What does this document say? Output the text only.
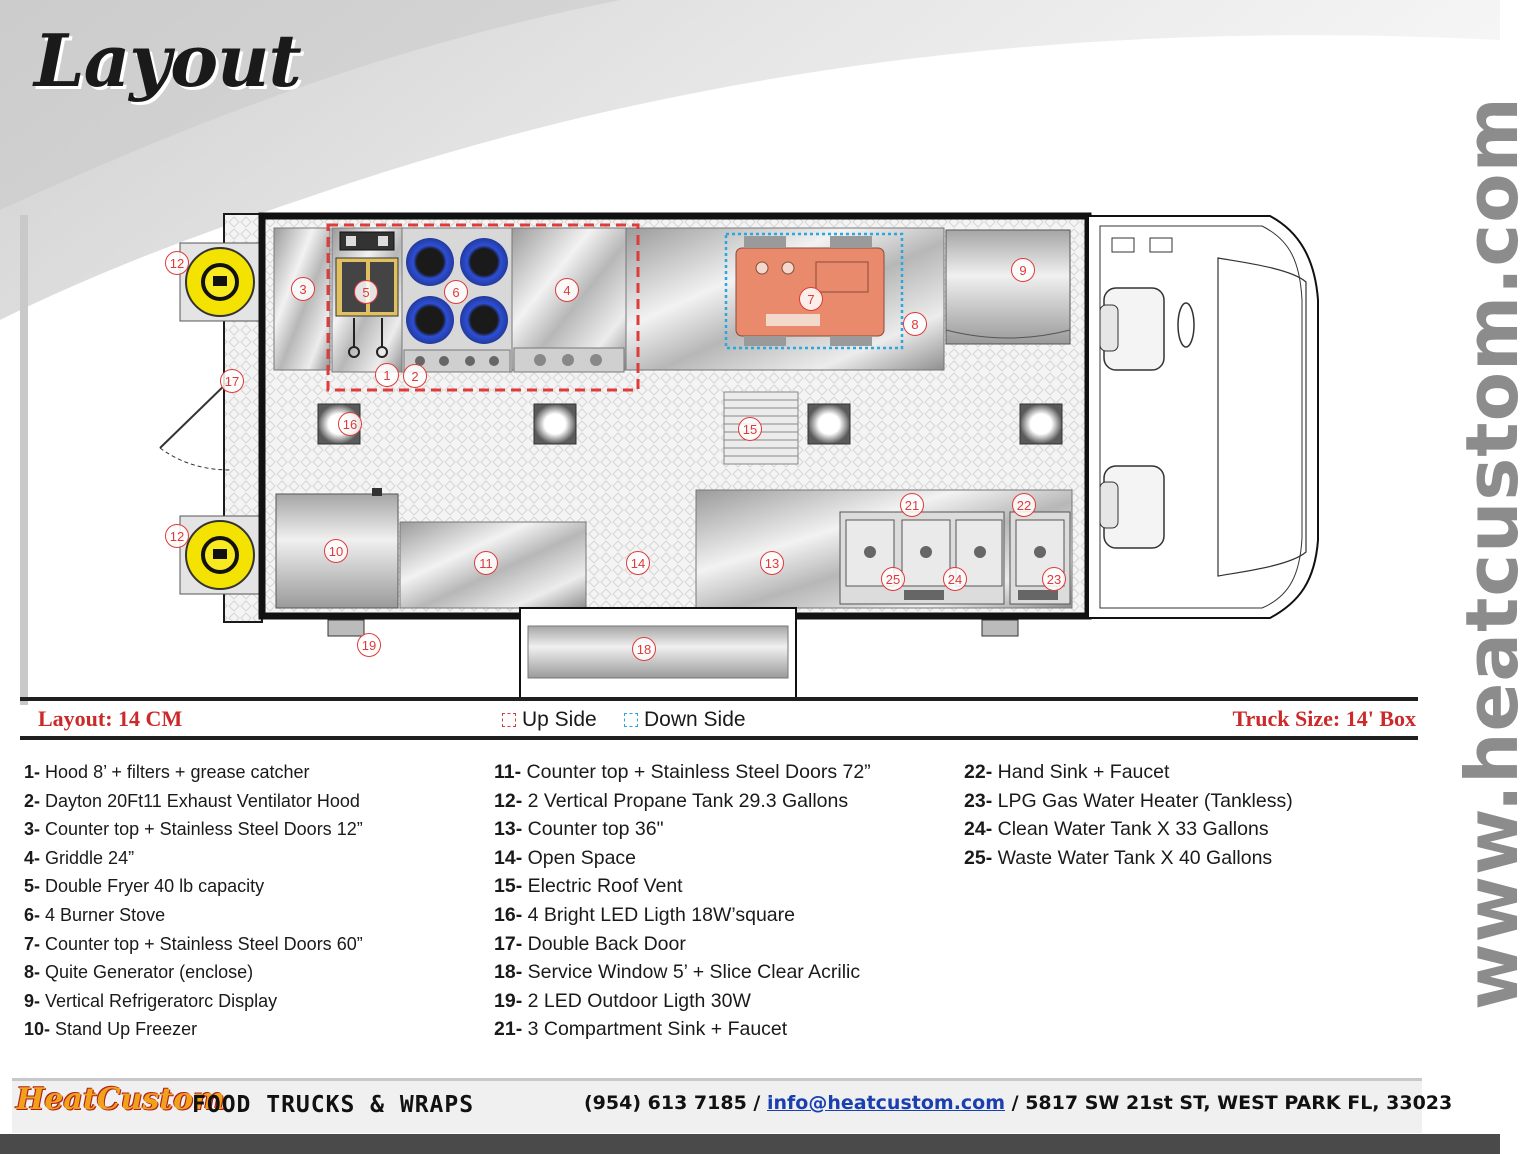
Layout
www.heatcustom.com
12
12
3	5	6	4
7
8
9
1	2
17
16	15
10
11	14	13
21	22
25	24	23
18
19
Layout: 14 CM	Up Side Down Side	Truck Size: 14' Box
1- Hood 8’ + filters + grease catcher
2- Dayton 20Ft11 Exhaust Ventilator Hood
3- Counter top + Stainless Steel Doors 12”
4- Griddle 24”
5- Double Fryer 40 lb capacity
6- 4 Burner Stove
7- Counter top + Stainless Steel Doors 60”
8- Quite Generator (enclose)
9- Vertical Refrigeratorc Display
10- Stand Up Freezer
11- Counter top + Stainless Steel Doors 72”
12- 2 Vertical Propane Tank 29.3 Gallons
13- Counter top 36"
14- Open Space
15- Electric Roof Vent
16- 4 Bright LED Ligth 18W’square
17- Double Back Door
18- Service Window 5’ + Slice Clear Acrilic
19- 2 LED Outdoor Ligth 30W
21- 3 Compartment Sink + Faucet
22- Hand Sink + Faucet
23- LPG Gas Water Heater (Tankless)
24- Clean Water Tank X 33 Gallons
25- Waste Water Tank X 40 Gallons
HeatCustom
FOOD TRUCKS & WRAPS	(954) 613 7185 / info@heatcustom.com / 5817 SW 21st ST, WEST PARK FL, 33023
